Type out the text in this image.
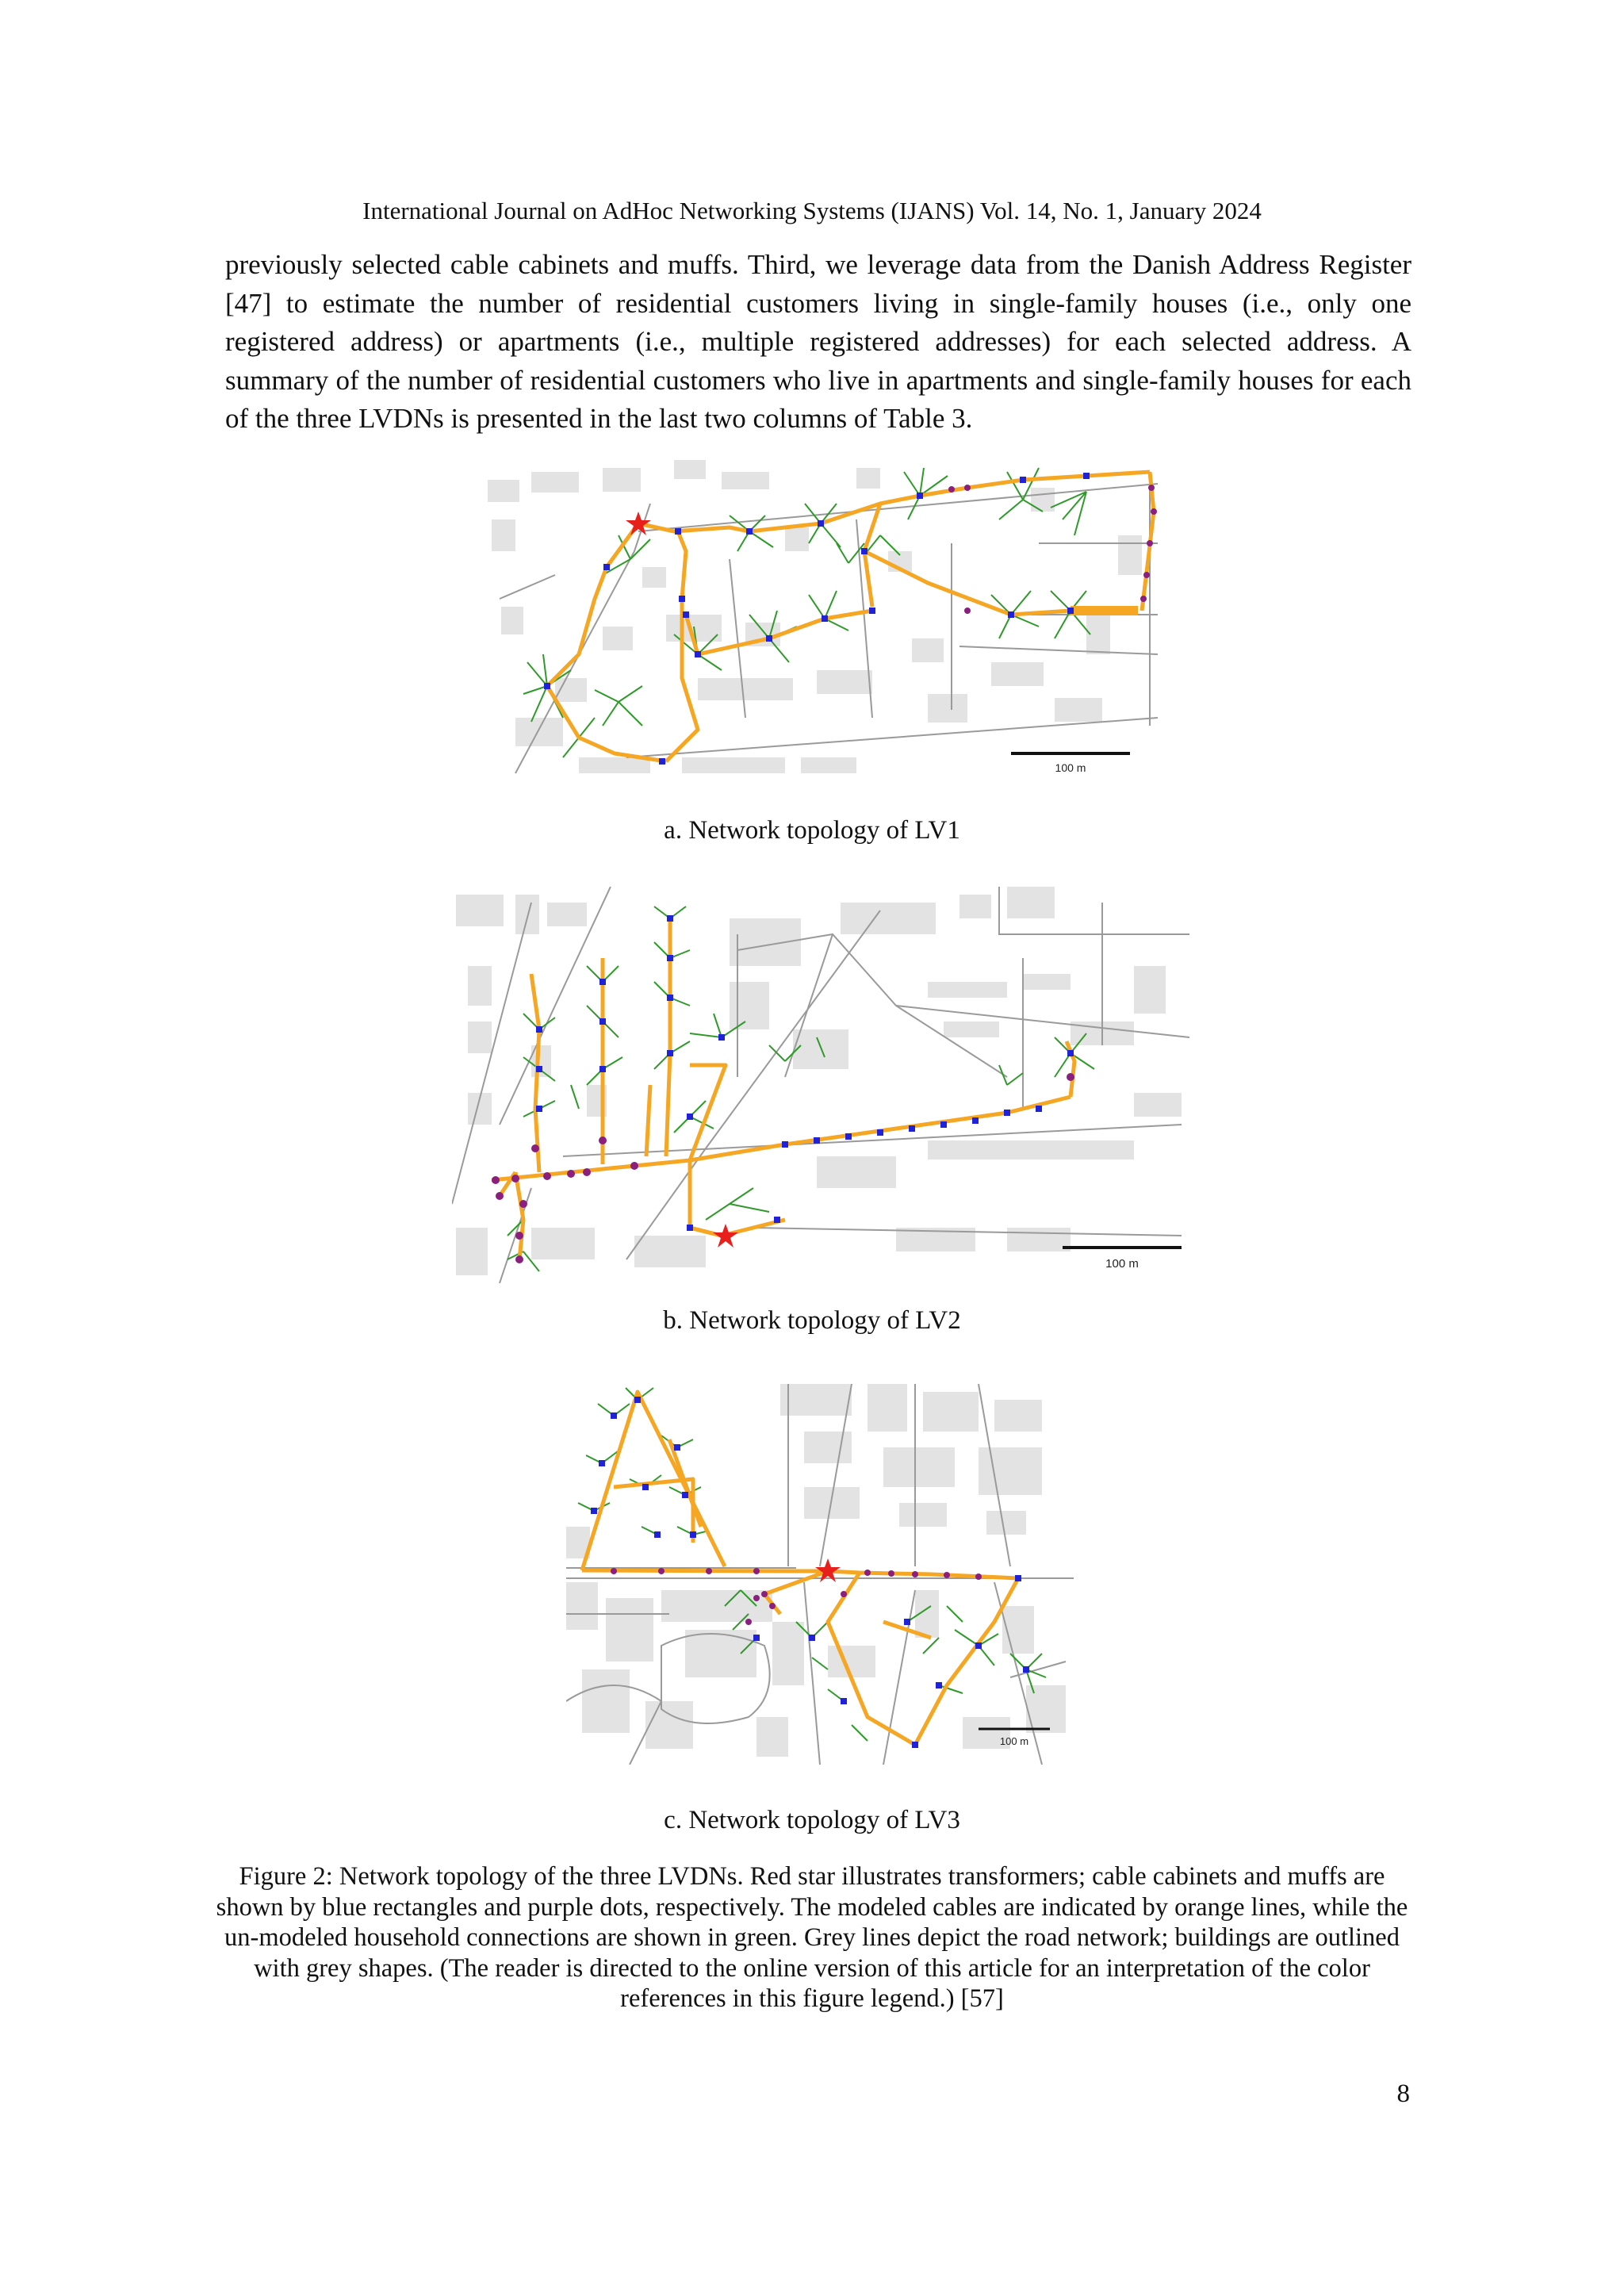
International Journal on AdHoc Networking Systems (IJANS) Vol. 14, No. 1, January 2024

previously selected cable cabinets and muffs. Third, we leverage data from the Danish Address Register [47] to estimate the number of residential customers living in single-family houses (i.e., only one registered address) or apartments (i.e., multiple registered addresses) for each selected address. A summary of the number of residential customers who live in apartments and single-family houses for each of the three LVDNs is presented in the last two columns of Table 3.

100 m
a. Network topology of LV1
100 m
b. Network topology of LV2
100 m
c. Network topology of LV3

Figure 2: Network topology of the three LVDNs. Red star illustrates transformers; cable cabinets and muffs are shown by blue rectangles and purple dots, respectively. The modeled cables are indicated by orange lines, while the un-modeled household connections are shown in green. Grey lines depict the road network; buildings are outlined with grey shapes. (The reader is directed to the online version of this article for an interpretation of the color references in this figure legend.) [57]

8
